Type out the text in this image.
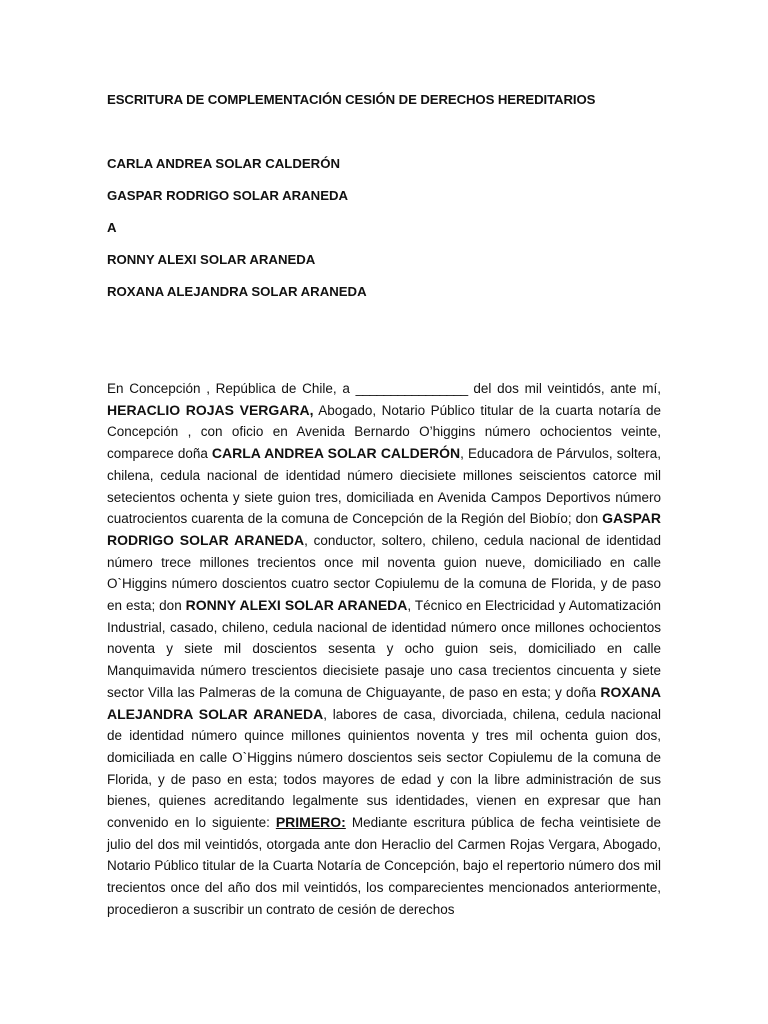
ESCRITURA DE COMPLEMENTACIÓN CESIÓN DE DERECHOS HEREDITARIOS
CARLA ANDREA SOLAR CALDERÓN
GASPAR RODRIGO SOLAR ARANEDA
A
RONNY ALEXI SOLAR ARANEDA
ROXANA ALEJANDRA SOLAR ARANEDA

En Concepción , República de Chile, a ________________ del dos mil veintidós, ante mí, HERACLIO ROJAS VERGARA, Abogado, Notario Público titular de la cuarta notaría de Concepción , con oficio en Avenida Bernardo O’higgins número ochocientos veinte, comparece doña CARLA ANDREA SOLAR CALDERÓN, Educadora de Párvulos, soltera, chilena, cedula nacional de identidad número diecisiete millones seiscientos catorce mil setecientos ochenta y siete guion tres, domiciliada en Avenida Campos Deportivos número cuatrocientos cuarenta de la comuna de Concepción de la Región del Biobío; don GASPAR RODRIGO SOLAR ARANEDA, conductor, soltero, chileno, cedula nacional de identidad número trece millones trecientos once mil noventa guion nueve, domiciliado en calle O`Higgins número doscientos cuatro sector Copiulemu de la comuna de Florida, y de paso en esta; don RONNY ALEXI SOLAR ARANEDA, Técnico en Electricidad y Automatización Industrial, casado, chileno, cedula nacional de identidad número once millones ochocientos noventa y siete mil doscientos sesenta y ocho guion seis, domiciliado en calle Manquimavida número trescientos diecisiete pasaje uno casa trecientos cincuenta y siete sector Villa las Palmeras de la comuna de Chiguayante, de paso en esta; y doña ROXANA ALEJANDRA SOLAR ARANEDA, labores de casa, divorciada, chilena, cedula nacional de identidad número quince millones quinientos noventa y tres mil ochenta guion dos, domiciliada en calle O`Higgins número doscientos seis sector Copiulemu de la comuna de Florida, y de paso en esta; todos mayores de edad y con la libre administración de sus bienes, quienes acreditando legalmente sus identidades, vienen en expresar que han convenido en lo siguiente: PRIMERO: Mediante escritura pública de fecha veintisiete de julio del dos mil veintidós, otorgada ante don Heraclio del Carmen Rojas Vergara, Abogado, Notario Público titular de la Cuarta Notaría de Concepción, bajo el repertorio número dos mil trecientos once del año dos mil veintidós, los comparecientes mencionados anteriormente, procedieron a suscribir un contrato de cesión de derechos
